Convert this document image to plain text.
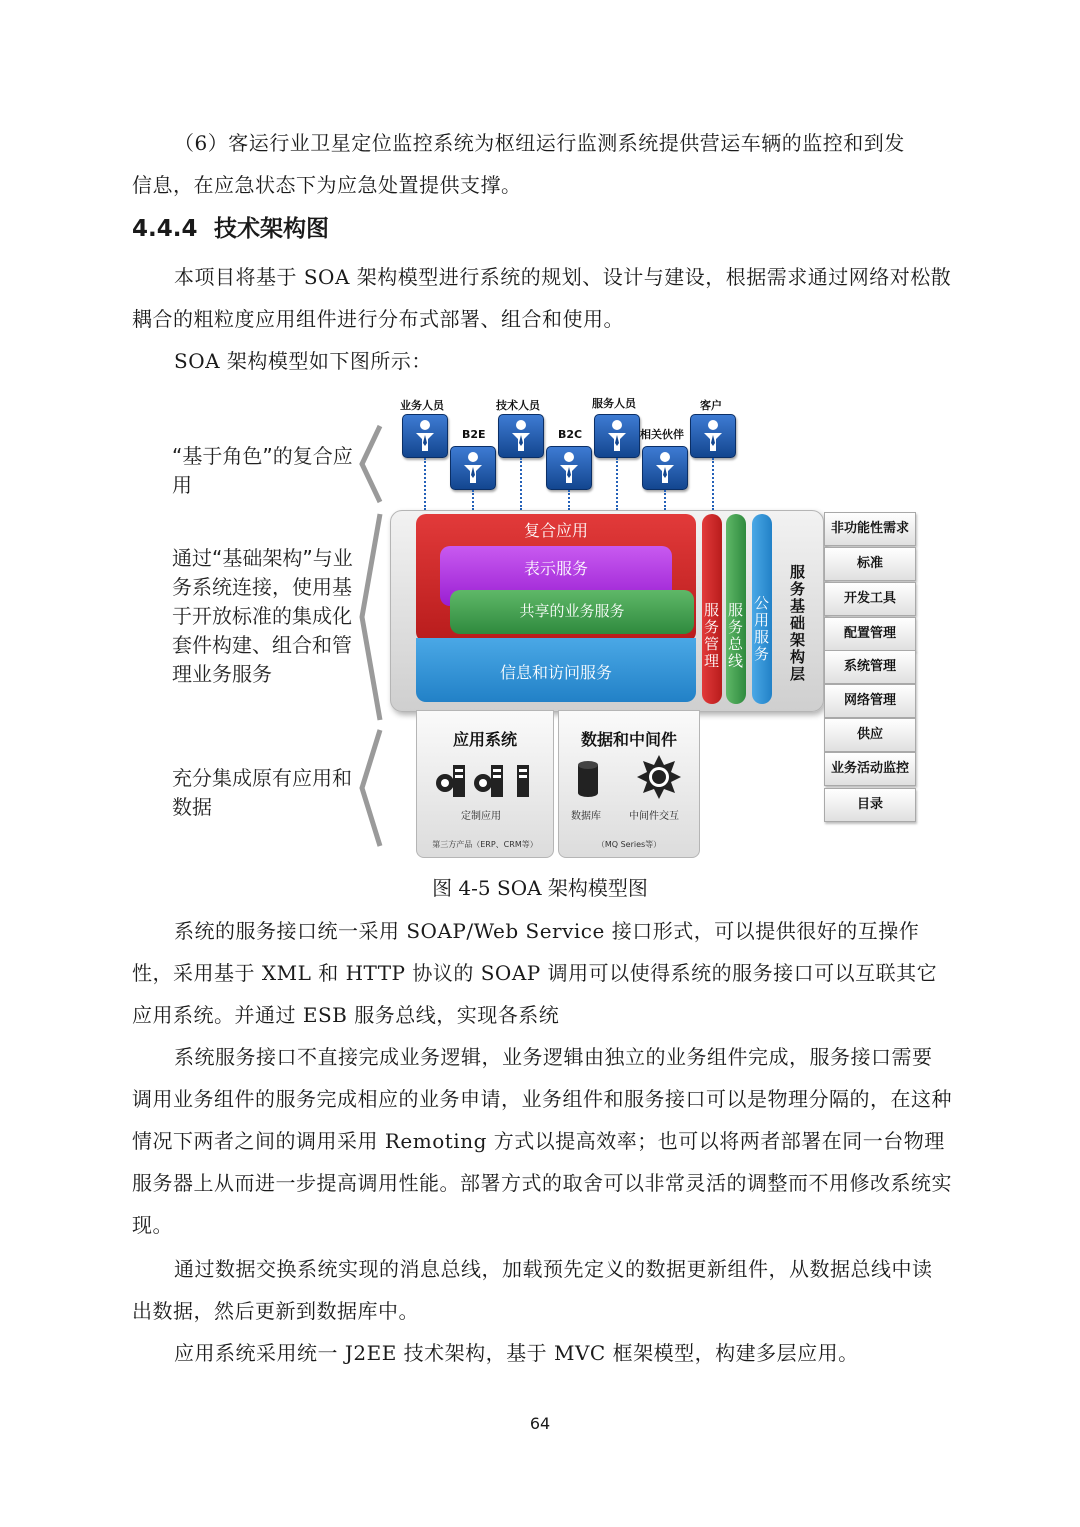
（6）客运行业卫星定位监控系统为枢纽运行监测系统提供营运车辆的监控和到发

信息，在应急状态下为应急处置提供支撑。

4.4.4 技术架构图

本项目将基于 SOA 架构模型进行系统的规划、设计与建设，根据需求通过网络对松散耦合的粗粒度应用组件进行分布式部署、组合和使用。

SOA 架构模型如下图所示：

“基于角色”的复合应用
通过“基础架构”与业务系统连接，使用基于开放标准的集成化套件构建、组合和管理业务服务
充分集成原有应用和数据
业务人员
B2E
技术人员
B2C
服务人员
相关伙伴
客户
复合应用
表示服务
共享的业务服务
信息和访问服务
服务管理 服务总线 公用服务 服务基础架构层
非功能性需求
标准
开发工具
配置管理
系统管理
网络管理
供应
业务活动监控
目录
应用系统
定制应用
第三方产品（ERP、CRM等）
数据和中间件
数据库	中间件交互
（MQ Series等）
图 4-5 SOA 架构模型图

系统的服务接口统一采用 SOAP/Web Service 接口形式，可以提供很好的互操作性，采用基于 XML 和 HTTP 协议的 SOAP 调用可以使得系统的服务接口可以互联其它应用系统。并通过 ESB 服务总线，实现各系统

系统服务接口不直接完成业务逻辑，业务逻辑由独立的业务组件完成，服务接口需要调用业务组件的服务完成相应的业务申请，业务组件和服务接口可以是物理分隔的，在这种情况下两者之间的调用采用 Remoting 方式以提高效率；也可以将两者部署在同一台物理服务器上从而进一步提高调用性能。部署方式的取舍可以非常灵活的调整而不用修改系统实现。

通过数据交换系统实现的消息总线，加载预先定义的数据更新组件，从数据总线中读出数据，然后更新到数据库中。

应用系统采用统一 J2EE 技术架构，基于 MVC 框架模型，构建多层应用。

64
